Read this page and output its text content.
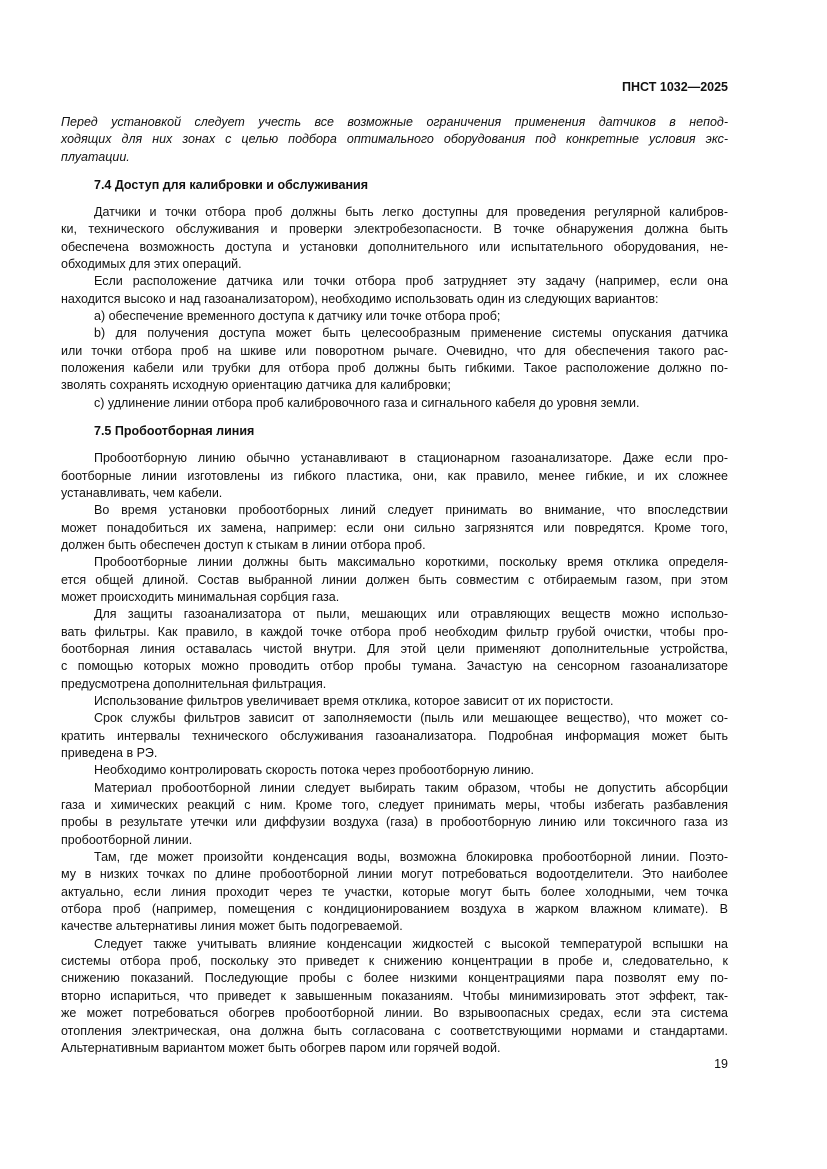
ПНСТ 1032—2025
Перед установкой следует учесть все возможные ограничения применения датчиков в непод-
ходящих для них зонах с целью подбора оптимального оборудования под конкретные условия экс-
плуатации.
7.4 Доступ для калибровки и обслуживания
Датчики и точки отбора проб должны быть легко доступны для проведения регулярной калибров-
ки, технического обслуживания и проверки электробезопасности. В точке обнаружения должна быть
обеспечена возможность доступа и установки дополнительного или испытательного оборудования, не-
обходимых для этих операций.
Если расположение датчика или точки отбора проб затрудняет эту задачу (например, если она
находится высоко и над газоанализатором), необходимо использовать один из следующих вариантов:
a) обеспечение временного доступа к датчику или точке отбора проб;
b) для получения доступа может быть целесообразным применение системы опускания датчика
или точки отбора проб на шкиве или поворотном рычаге. Очевидно, что для обеспечения такого рас-
положения кабели или трубки для отбора проб должны быть гибкими. Такое расположение должно по-
зволять сохранять исходную ориентацию датчика для калибровки;
c) удлинение линии отбора проб калибровочного газа и сигнального кабеля до уровня земли.
7.5 Пробоотборная линия
Пробоотборную линию обычно устанавливают в стационарном газоанализаторе. Даже если про-
боотборные линии изготовлены из гибкого пластика, они, как правило, менее гибкие, и их сложнее
устанавливать, чем кабели.
Во время установки пробоотборных линий следует принимать во внимание, что впоследствии
может понадобиться их замена, например: если они сильно загрязнятся или повредятся. Кроме того,
должен быть обеспечен доступ к стыкам в линии отбора проб.
Пробоотборные линии должны быть максимально короткими, поскольку время отклика определя-
ется общей длиной. Состав выбранной линии должен быть совместим с отбираемым газом, при этом
может происходить минимальная сорбция газа.
Для защиты газоанализатора от пыли, мешающих или отравляющих веществ можно использо-
вать фильтры. Как правило, в каждой точке отбора проб необходим фильтр грубой очистки, чтобы про-
боотборная линия оставалась чистой внутри. Для этой цели применяют дополнительные устройства,
с помощью которых можно проводить отбор пробы тумана. Зачастую на сенсорном газоанализаторе
предусмотрена дополнительная фильтрация.
Использование фильтров увеличивает время отклика, которое зависит от их пористости.
Срок службы фильтров зависит от заполняемости (пыль или мешающее вещество), что может со-
кратить интервалы технического обслуживания газоанализатора. Подробная информация может быть
приведена в РЭ.
Необходимо контролировать скорость потока через пробоотборную линию.
Материал пробоотборной линии следует выбирать таким образом, чтобы не допустить абсорбции
газа и химических реакций с ним. Кроме того, следует принимать меры, чтобы избегать разбавления
пробы в результате утечки или диффузии воздуха (газа) в пробоотборную линию или токсичного газа из
пробоотборной линии.
Там, где может произойти конденсация воды, возможна блокировка пробоотборной линии. Поэто-
му в низких точках по длине пробоотборной линии могут потребоваться водоотделители. Это наиболее
актуально, если линия проходит через те участки, которые могут быть более холодными, чем точка
отбора проб (например, помещения с кондиционированием воздуха в жарком влажном климате). В
качестве альтернативы линия может быть подогреваемой.
Следует также учитывать влияние конденсации жидкостей с высокой температурой вспышки на
системы отбора проб, поскольку это приведет к снижению концентрации в пробе и, следовательно, к
снижению показаний. Последующие пробы с более низкими концентрациями пара позволят ему по-
вторно испариться, что приведет к завышенным показаниям. Чтобы минимизировать этот эффект, так-
же может потребоваться обогрев пробоотборной линии. Во взрывоопасных средах, если эта система
отопления электрическая, она должна быть согласована с соответствующими нормами и стандартами.
Альтернативным вариантом может быть обогрев паром или горячей водой.
19
